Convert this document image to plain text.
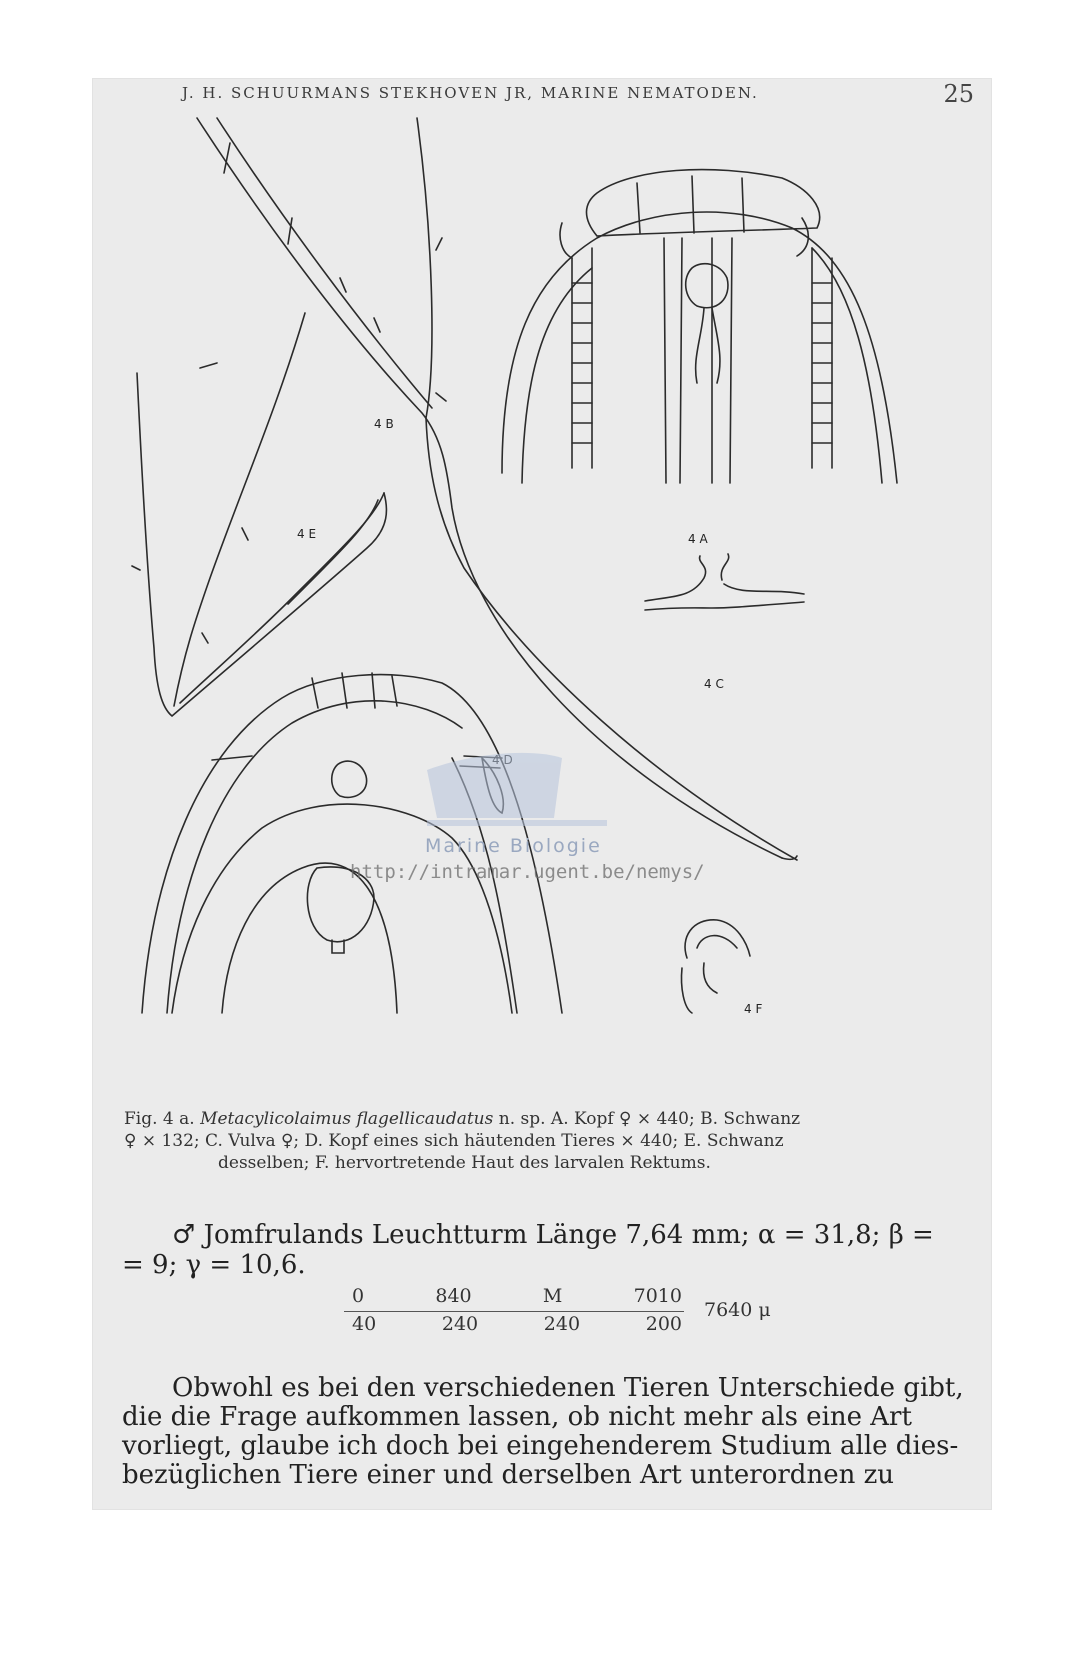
J. H. SCHUURMANS STEKHOVEN JR, MARINE NEMATODEN.	25
4 B
4 A
4 E
4 C
4 F
Marine Biologie
http://intramar.ugent.be/nemys/
Fig. 4 a. Metacylicolaimus flagellicaudatus n. sp. A. Kopf ♀ × 440; B. Schwanz
♀ × 132; C. Vulva ♀; D. Kopf eines sich häutenden Tieres × 440; E. Schwanz
desselben; F. hervortretende Haut des larvalen Rektums.
♂ Jomfrulands Leuchtturm Länge 7,64 mm; α = 31,8; β =
= 9; γ = 10,6.
0	840	M	7010
40	240	240	200
7640 μ
Obwohl es bei den verschiedenen Tieren Unterschiede gibt,
die die Frage aufkommen lassen, ob nicht mehr als eine Art
vorliegt, glaube ich doch bei eingehenderem Studium alle dies-
bezüglichen Tiere einer und derselben Art unterordnen zu
